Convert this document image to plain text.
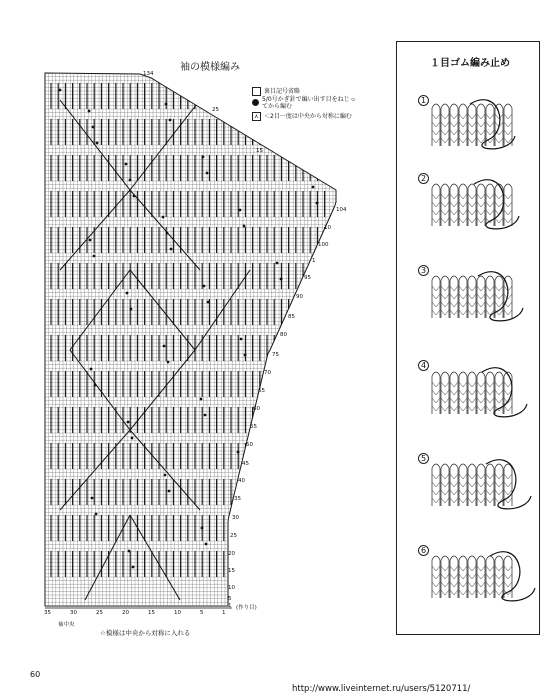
袖の模様編み
裏目記号省略
5/0号かぎ針で編い出す目をねじってから編む
⋏ ＜2目一度は中央から対称に編む
１目ゴム編み止め
1
2
3
4
5
6
134
25
15
104
10
100
1
95
90
85
80
75
70
65
60
55
50
45
40
35
30
25
20
15
10
5
1 (作り目)
35	30	25	20	15	10	5	1
袖中央
☆模様は中央から対称に入れる
60
http://www.liveinternet.ru/users/5120711/
